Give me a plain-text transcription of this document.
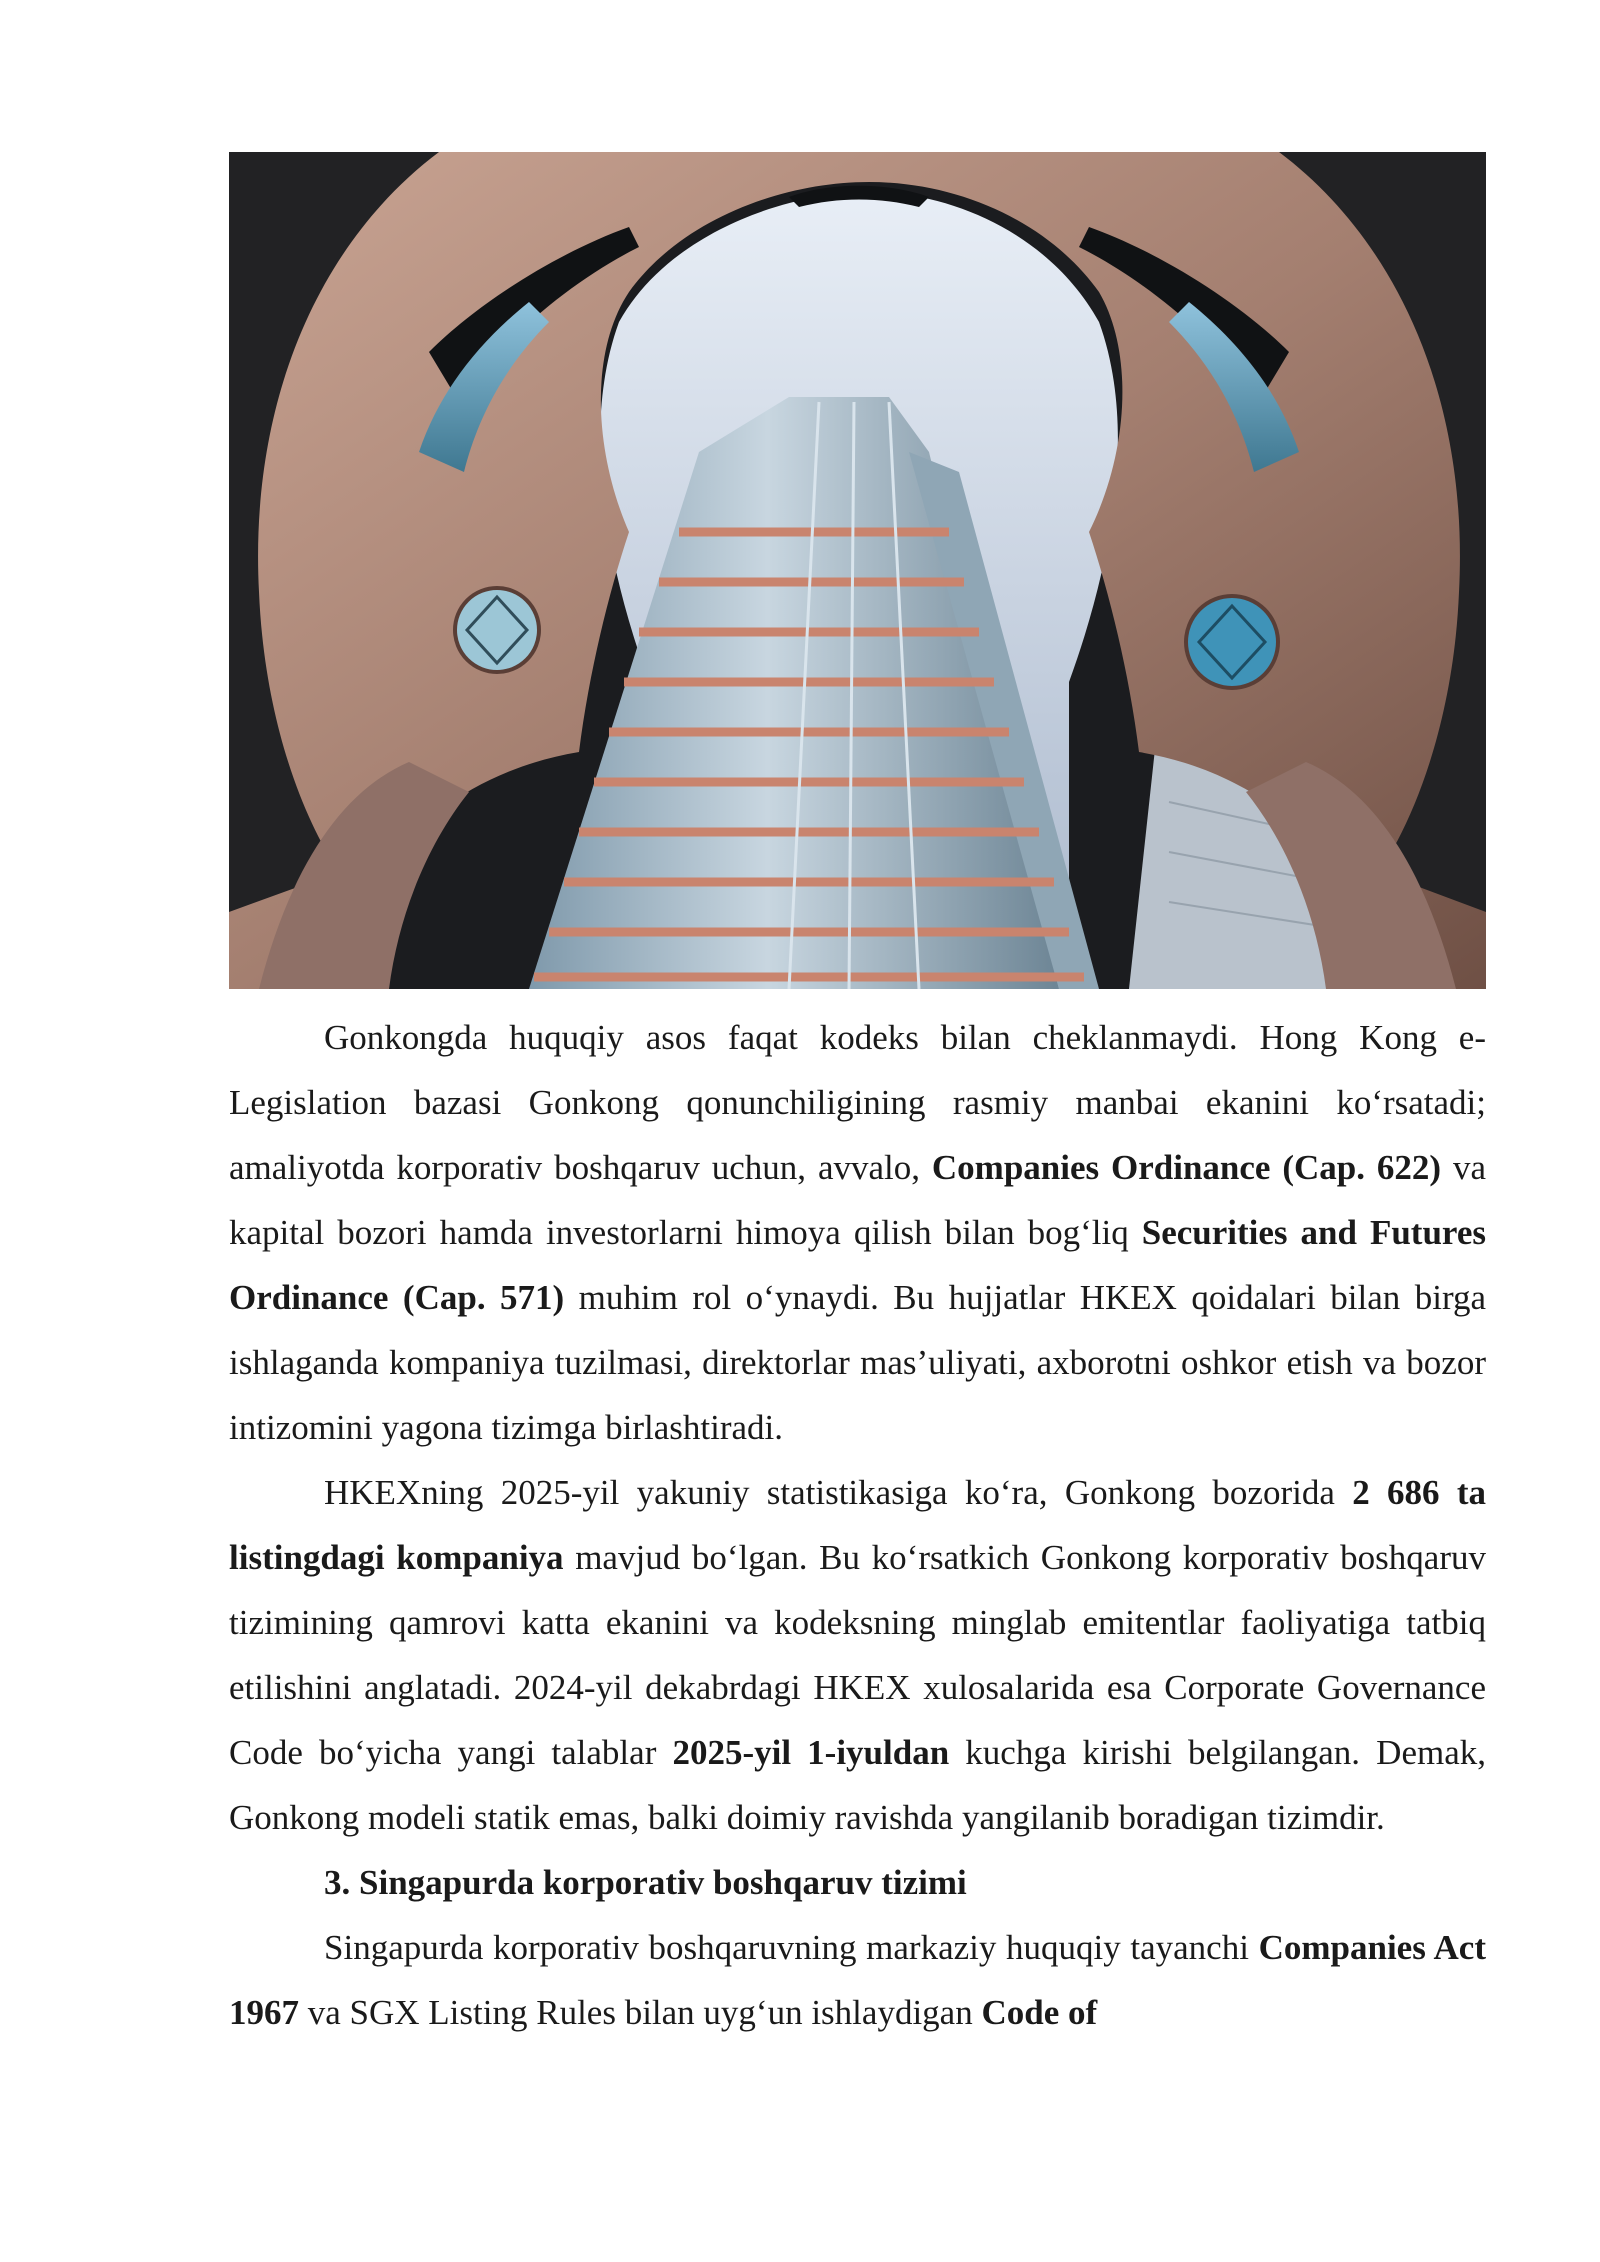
Gonkongda huquqiy asos faqat kodeks bilan cheklanmaydi. Hong Kong e-Legislation bazasi Gonkong qonunchiligining rasmiy manbai ekanini ko‘rsatadi; amaliyotda korporativ boshqaruv uchun, avvalo, Companies Ordinance (Cap. 622) va kapital bozori hamda investorlarni himoya qilish bilan bog‘liq Securities and Futures Ordinance (Cap. 571) muhim rol o‘ynaydi. Bu hujjatlar HKEX qoidalari bilan birga ishlaganda kompaniya tuzilmasi, direktorlar mas’uliyati, axborotni oshkor etish va bozor intizomini yagona tizimga birlashtiradi.

HKEXning 2025-yil yakuniy statistikasiga ko‘ra, Gonkong bozorida 2 686 ta listingdagi kompaniya mavjud bo‘lgan. Bu ko‘rsatkich Gonkong korporativ boshqaruv tizimining qamrovi katta ekanini va kodeksning minglab emitentlar faoliyatiga tatbiq etilishini anglatadi. 2024-yil dekabrdagi HKEX xulosalarida esa Corporate Governance Code bo‘yicha yangi talablar 2025-yil 1-iyuldan kuchga kirishi belgilangan. Demak, Gonkong modeli statik emas, balki doimiy ravishda yangilanib boradigan tizimdir.

3. Singapurda korporativ boshqaruv tizimi

Singapurda korporativ boshqaruvning markaziy huquqiy tayanchi Companies Act 1967 va SGX Listing Rules bilan uyg‘un ishlaydigan Code of
